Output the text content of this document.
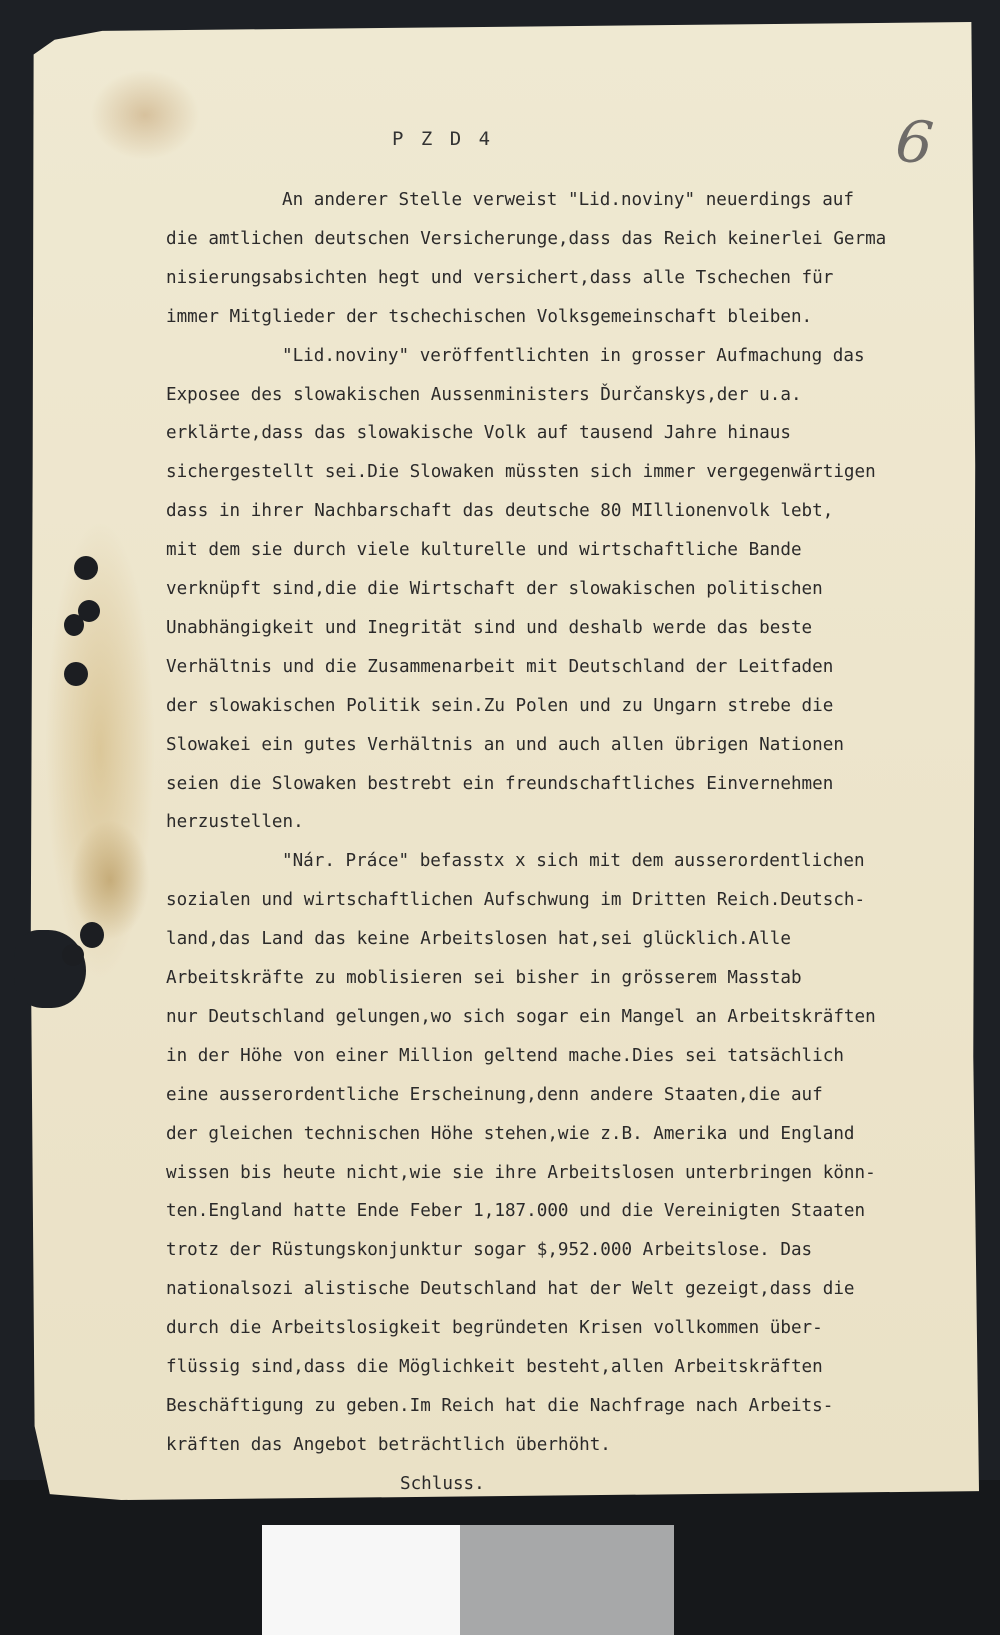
P Z D 4	6
An anderer Stelle verweist "Lid.noviny" neuerdings auf
die amtlichen deutschen Versicherunge,dass das Reich keinerlei Germa
nisierungsabsichten hegt und versichert,dass alle Tschechen für
immer Mitglieder der tschechischen Volksgemeinschaft bleiben.
"Lid.noviny" veröffentlichten in grosser Aufmachung das
Exposee des slowakischen Aussenministers Ďurčanskys,der u.a.
erklärte,dass das slowakische Volk auf tausend Jahre hinaus
sichergestellt sei.Die Slowaken müssten sich immer vergegenwärtigen
dass in ihrer Nachbarschaft das deutsche 80 MIllionenvolk lebt,
mit dem sie durch viele kulturelle und wirtschaftliche Bande
verknüpft sind,die die Wirtschaft der slowakischen politischen
Unabhängigkeit und Inegrität sind und deshalb werde das beste
Verhältnis und die Zusammenarbeit mit Deutschland der Leitfaden
der slowakischen Politik sein.Zu Polen und zu Ungarn strebe die
Slowakei ein gutes Verhältnis an und auch allen übrigen Nationen
seien die Slowaken bestrebt ein freundschaftliches Einvernehmen
herzustellen.
"Nár. Práce" befasstx x sich mit dem ausserordentlichen
sozialen und wirtschaftlichen Aufschwung im Dritten Reich.Deutsch-
land,das Land das keine Arbeitslosen hat,sei glücklich.Alle
Arbeitskräfte zu moblisieren sei bisher in grösserem Masstab
nur Deutschland gelungen,wo sich sogar ein Mangel an Arbeitskräften
in der Höhe von einer Million geltend mache.Dies sei tatsächlich
eine ausserordentliche Erscheinung,denn andere Staaten,die auf
der gleichen technischen Höhe stehen,wie z.B. Amerika und England
wissen bis heute nicht,wie sie ihre Arbeitslosen unterbringen könn-
ten.England hatte Ende Feber 1,187.000 und die Vereinigten Staaten
trotz der Rüstungskonjunktur sogar $,952.000 Arbeitslose. Das
nationalsozi alistische Deutschland hat der Welt gezeigt,dass die
durch die Arbeitslosigkeit begründeten Krisen vollkommen über-
flüssig sind,dass die Möglichkeit besteht,allen Arbeitskräften
Beschäftigung zu geben.Im Reich hat die Nachfrage nach Arbeits-
kräften das Angebot beträchtlich überhöht.
Schluss.
